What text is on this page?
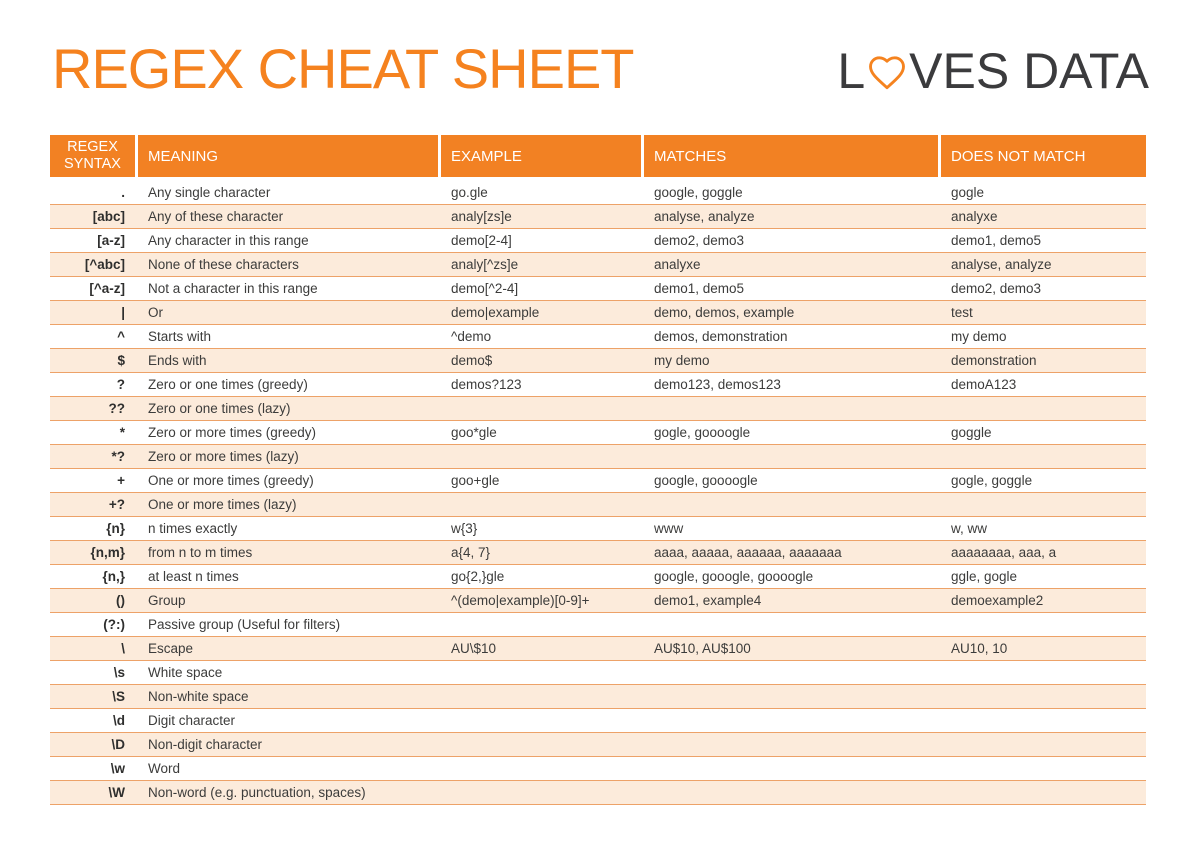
REGEX CHEAT SHEET	L VES DATA
REGEX SYNTAX	MEANING	EXAMPLE	MATCHES	DOES NOT MATCH
.	Any single character	go.gle	google, goggle	gogle
[abc]	Any of these character	analy[zs]e	analyse, analyze	analyxe
[a-z]	Any character in this range	demo[2-4]	demo2, demo3	demo1, demo5
[^abc]	None of these characters	analy[^zs]e	analyxe	analyse, analyze
[^a-z]	Not a character in this range	demo[^2-4]	demo1, demo5	demo2, demo3
|	Or	demo|example	demo, demos, example	test
^	Starts with	^demo	demos, demonstration	my demo
$	Ends with	demo$	my demo	demonstration
?	Zero or one times (greedy)	demos?123	demo123, demos123	demoA123
??	Zero or one times (lazy)			
*	Zero or more times (greedy)	goo*gle	gogle, goooogle	goggle
*?	Zero or more times (lazy)			
+	One or more times (greedy)	goo+gle	google, goooogle	gogle, goggle
+?	One or more times (lazy)			
{n}	n times exactly	w{3}	www	w, ww
{n,m}	from n to m times	a{4, 7}	aaaa, aaaaa, aaaaaa, aaaaaaa	aaaaaaaa, aaa, a
{n,}	at least n times	go{2,}gle	google, gooogle, goooogle	ggle, gogle
()	Group	^(demo|example)[0-9]+	demo1, example4	demoexample2
(?:)	Passive group (Useful for filters)			
\	Escape	AU\$10	AU$10, AU$100	AU10, 10
\s	White space			
\S	Non-white space			
\d	Digit character			
\D	Non-digit character			
\w	Word			
\W	Non-word (e.g. punctuation, spaces)			
